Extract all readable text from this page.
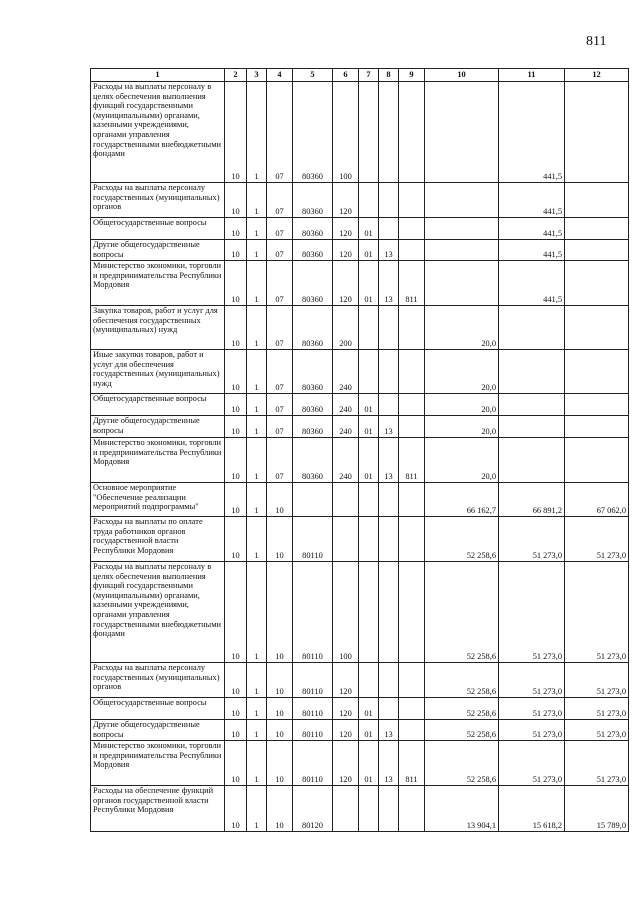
811
1	2	3	4	5	6	7	8	9	10	11	12
Расходы на выплаты персоналу в целях обеспечения выполнения функций государственными (муниципальными) органами, казенными учреждениями, органами управления государственными внебюджетными фондами	10	1	07	80360	100					441,5	
Расходы на выплаты персоналу государственных (муниципальных) органов	10	1	07	80360	120					441,5	
Общегосударственные вопросы	10	1	07	80360	120	01				441,5	
Другие общегосударственные вопросы	10	1	07	80360	120	01	13			441,5	
Министерство экономики, торговли и предпринимательства Республики Мордовия	10	1	07	80360	120	01	13	811		441,5	
Закупка товаров, работ и услуг для обеспечения государственных (муниципальных) нужд	10	1	07	80360	200				20,0		
Иные закупки товаров, работ и услуг для обеспечения государственных (муниципальных) нужд	10	1	07	80360	240				20,0		
Общегосударственные вопросы	10	1	07	80360	240	01			20,0		
Другие общегосударственные вопросы	10	1	07	80360	240	01	13		20,0		
Министерство экономики, торговли и предпринимательства Республики Мордовия	10	1	07	80360	240	01	13	811	20,0		
Основное мероприятие "Обеспечение реализации мероприятий подпрограммы"	10	1	10						66 162,7	66 891,2	67 062,0
Расходы на выплаты по оплате труда работников органов государственной власти Республики Мордовия	10	1	10	80110					52 258,6	51 273,0	51 273,0
Расходы на выплаты персоналу в целях обеспечения выполнения функций государственными (муниципальными) органами, казенными учреждениями, органами управления государственными внебюджетными фондами	10	1	10	80110	100				52 258,6	51 273,0	51 273,0
Расходы на выплаты персоналу государственных (муниципальных) органов	10	1	10	80110	120				52 258,6	51 273,0	51 273,0
Общегосударственные вопросы	10	1	10	80110	120	01			52 258,6	51 273,0	51 273,0
Другие общегосударственные вопросы	10	1	10	80110	120	01	13		52 258,6	51 273,0	51 273,0
Министерство экономики, торговли и предпринимательства Республики Мордовия	10	1	10	80110	120	01	13	811	52 258,6	51 273,0	51 273,0
Расходы на обеспечение функций органов государственной власти Республики Мордовия	10	1	10	80120					13 904,1	15 618,2	15 789,0
